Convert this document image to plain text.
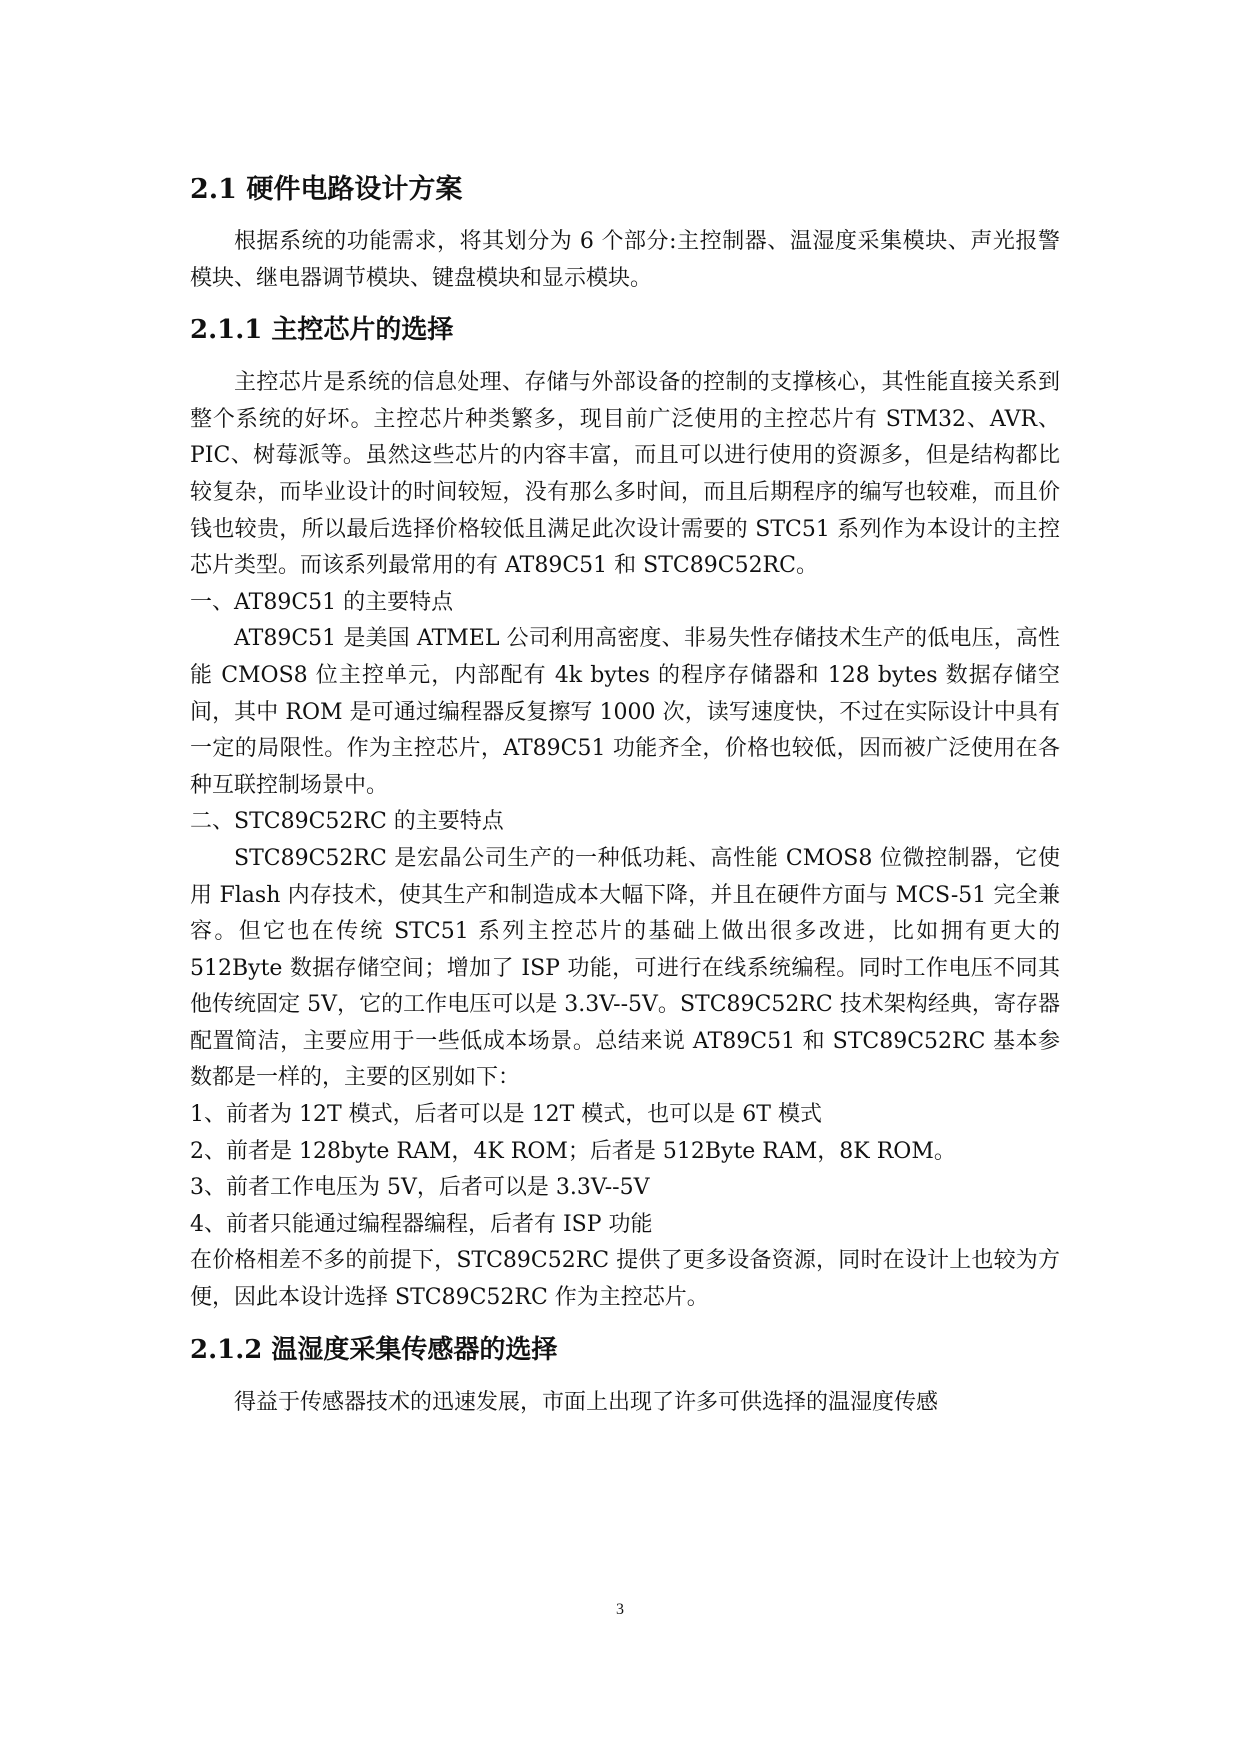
2.1 硬件电路设计方案

根据系统的功能需求，将其划分为 6 个部分:主控制器、温湿度采集模块、声光报警模块、继电器调节模块、键盘模块和显示模块。

2.1.1 主控芯片的选择

主控芯片是系统的信息处理、存储与外部设备的控制的支撑核心，其性能直接关系到整个系统的好坏。主控芯片种类繁多，现目前广泛使用的主控芯片有 STM32、AVR、PIC、树莓派等。虽然这些芯片的内容丰富，而且可以进行使用的资源多，但是结构都比较复杂，而毕业设计的时间较短，没有那么多时间，而且后期程序的编写也较难，而且价钱也较贵，所以最后选择价格较低且满足此次设计需要的 STC51 系列作为本设计的主控芯片类型。而该系列最常用的有 AT89C51 和 STC89C52RC。

一、AT89C51 的主要特点

AT89C51 是美国 ATMEL 公司利用高密度、非易失性存储技术生产的低电压，高性能 CMOS8 位主控单元，内部配有 4k bytes 的程序存储器和 128 bytes 数据存储空间，其中 ROM 是可通过编程器反复擦写 1000 次，读写速度快，不过在实际设计中具有一定的局限性。作为主控芯片，AT89C51 功能齐全，价格也较低，因而被广泛使用在各种互联控制场景中。

二、STC89C52RC 的主要特点

STC89C52RC 是宏晶公司生产的一种低功耗、高性能 CMOS8 位微控制器，它使用 Flash 内存技术，使其生产和制造成本大幅下降，并且在硬件方面与 MCS-51 完全兼容。但它也在传统 STC51 系列主控芯片的基础上做出很多改进，比如拥有更大的 512Byte 数据存储空间；增加了 ISP 功能，可进行在线系统编程。同时工作电压不同其他传统固定 5V，它的工作电压可以是 3.3V--5V。STC89C52RC 技术架构经典，寄存器配置简洁，主要应用于一些低成本场景。总结来说 AT89C51 和 STC89C52RC 基本参数都是一样的，主要的区别如下：

1、前者为 12T 模式，后者可以是 12T 模式，也可以是 6T 模式

2、前者是 128byte RAM，4K ROM；后者是 512Byte RAM，8K ROM。

3、前者工作电压为 5V，后者可以是 3.3V--5V

4、前者只能通过编程器编程，后者有 ISP 功能

在价格相差不多的前提下，STC89C52RC 提供了更多设备资源，同时在设计上也较为方便，因此本设计选择 STC89C52RC 作为主控芯片。

2.1.2 温湿度采集传感器的选择

得益于传感器技术的迅速发展，市面上出现了许多可供选择的温湿度传感

3
